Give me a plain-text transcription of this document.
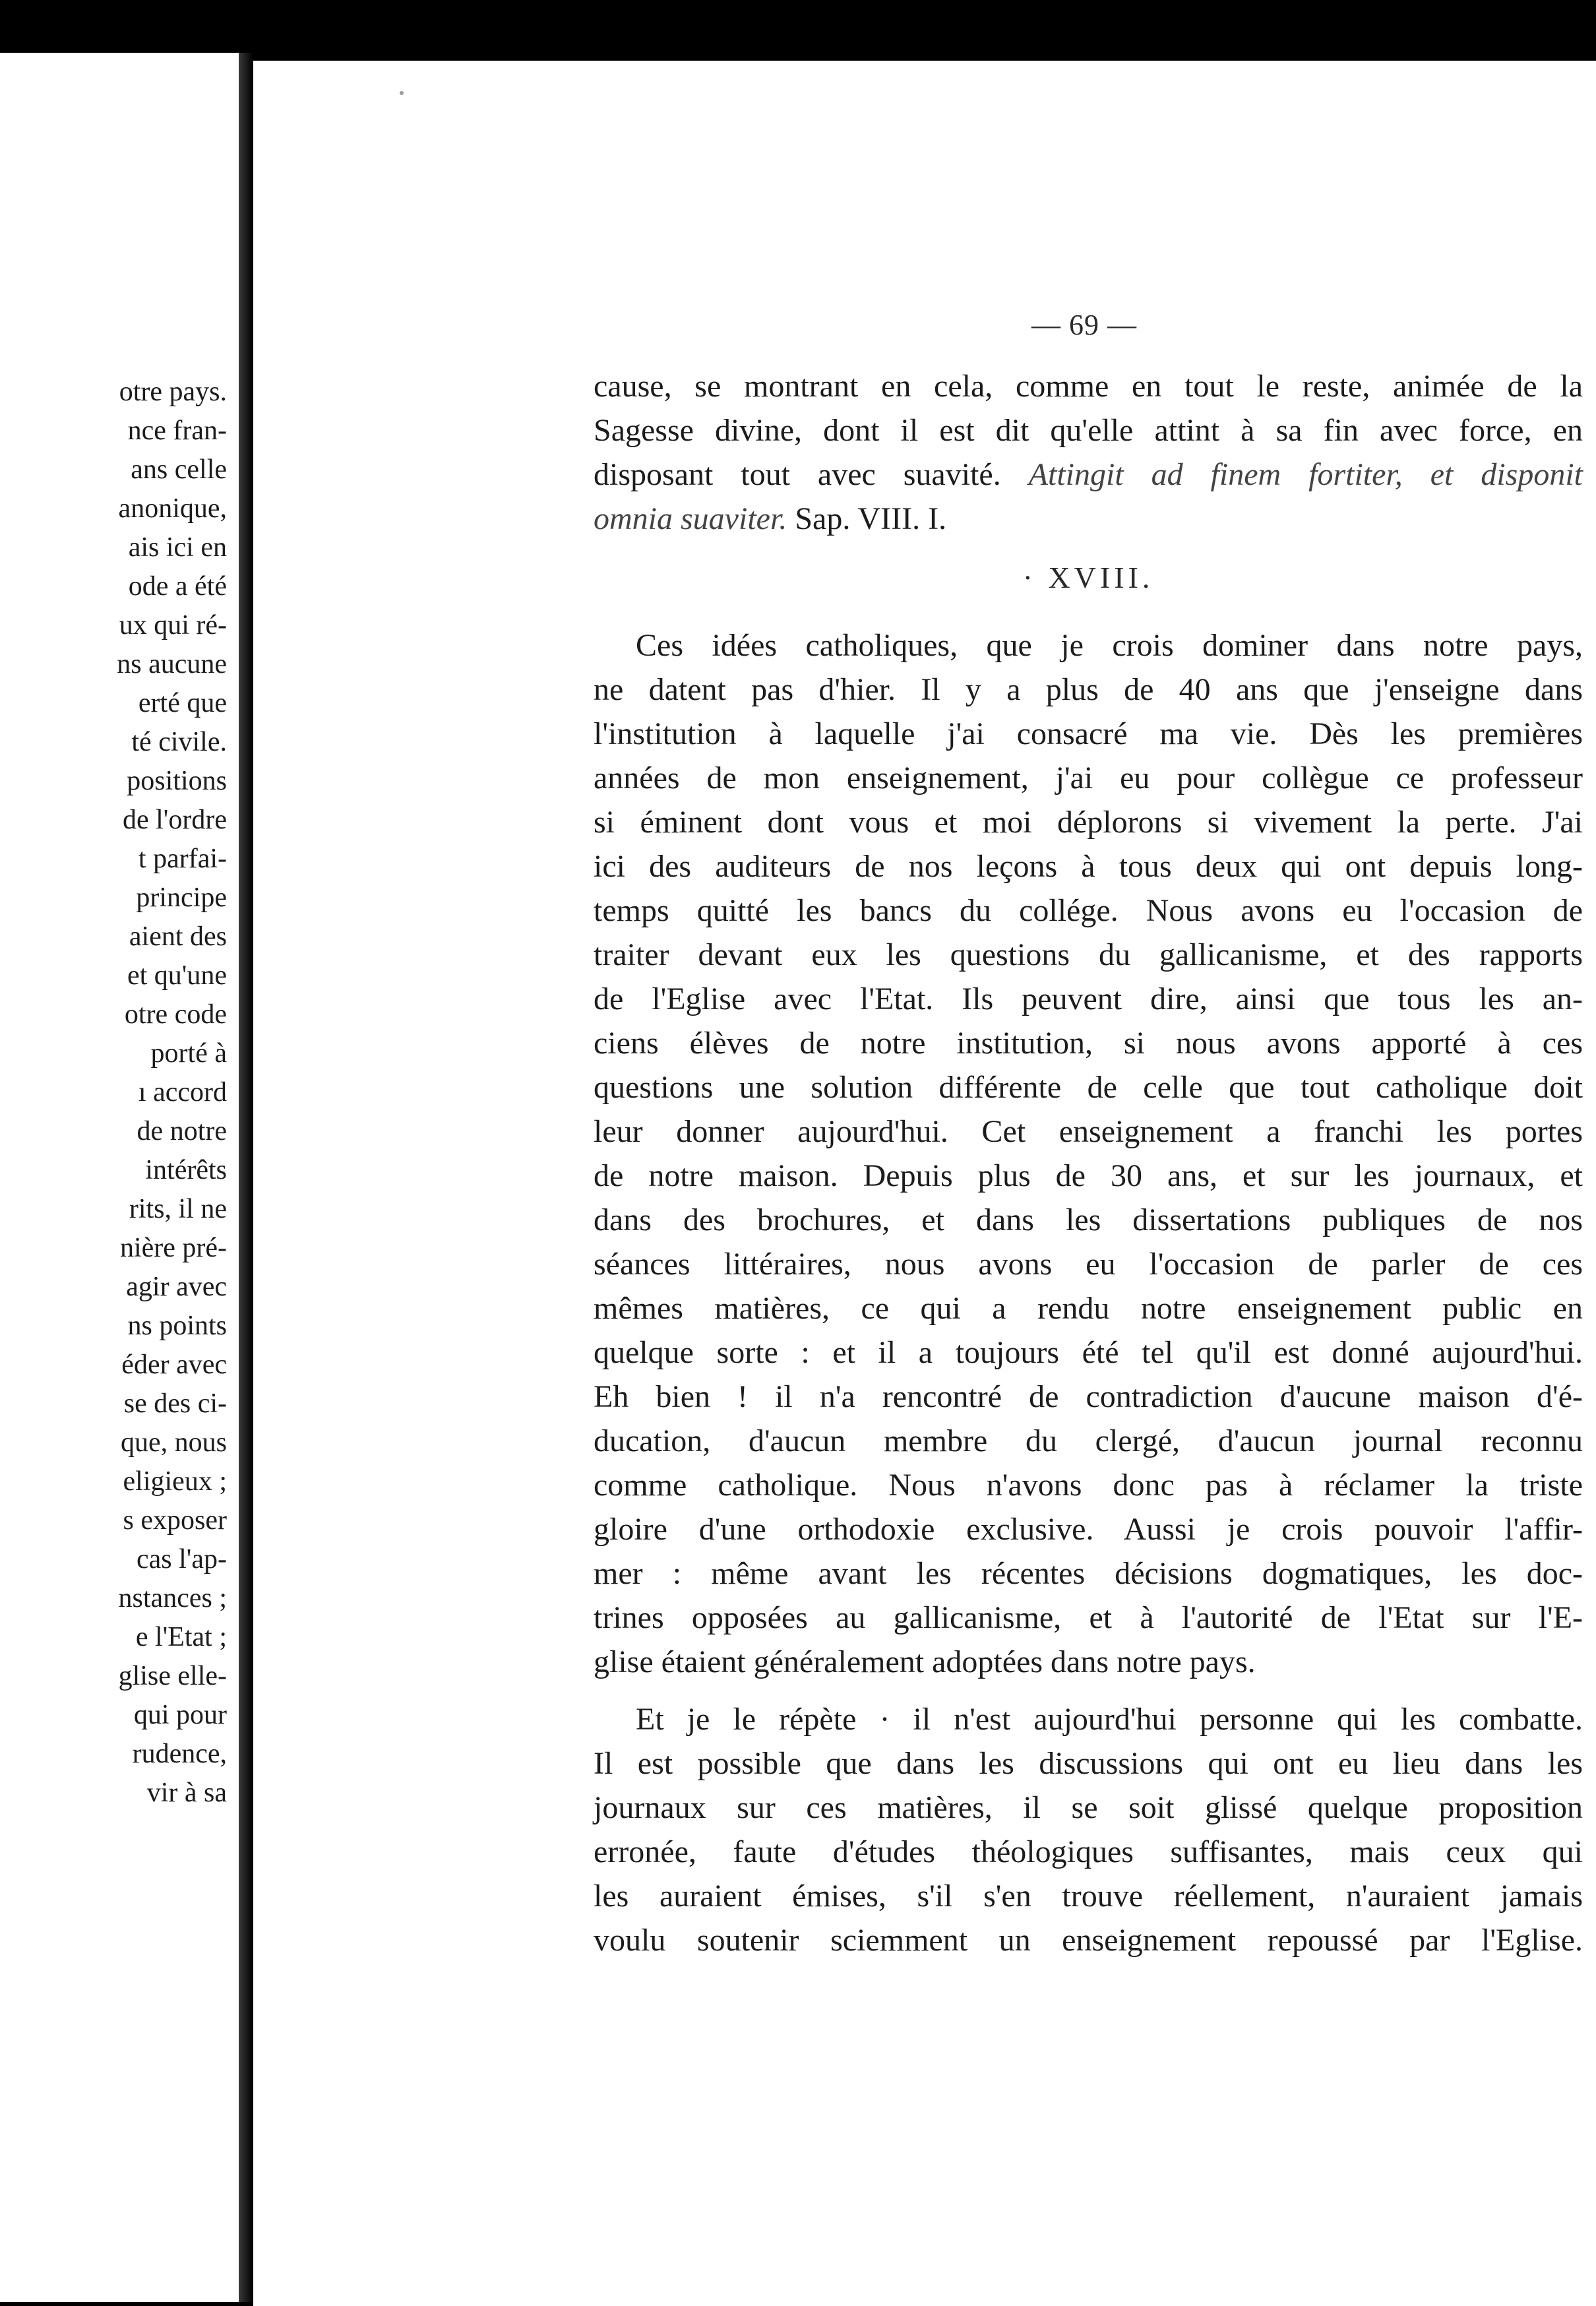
otre pays.
nce fran-
ans celle
anonique,
ais ici en
ode a été
ux qui ré-
ns aucune
erté que
té civile.
positions
de l'ordre
t parfai-
principe
aient des
et qu'une
otre code
porté à
ı accord
de notre
intérêts
rits, il ne
nière pré-
agir avec
ns points
éder avec
se des ci-
que, nous
eligieux ;
s exposer
cas l'ap-
nstances ;
e l'Etat ;
glise elle-
qui pour
rudence,
vir à sa
— 69 —
cause, se montrant en cela, comme en tout le reste, animée de la
Sagesse divine, dont il est dit qu'elle attint à sa fin avec force, en
disposant tout avec suavité. Attingit ad finem fortiter, et disponit
omnia suaviter. Sap. VIII. I.
· XVIII.
Ces idées catholiques, que je crois dominer dans notre pays,
ne datent pas d'hier. Il y a plus de 40 ans que j'enseigne dans
l'institution à laquelle j'ai consacré ma vie. Dès les premières
années de mon enseignement, j'ai eu pour collègue ce professeur
si éminent dont vous et moi déplorons si vivement la perte. J'ai
ici des auditeurs de nos leçons à tous deux qui ont depuis long-
temps quitté les bancs du collége. Nous avons eu l'occasion de
traiter devant eux les questions du gallicanisme, et des rapports
de l'Eglise avec l'Etat. Ils peuvent dire, ainsi que tous les an-
ciens élèves de notre institution, si nous avons apporté à ces
questions une solution différente de celle que tout catholique doit
leur donner aujourd'hui. Cet enseignement a franchi les portes
de notre maison. Depuis plus de 30 ans, et sur les journaux, et
dans des brochures, et dans les dissertations publiques de nos
séances littéraires, nous avons eu l'occasion de parler de ces
mêmes matières, ce qui a rendu notre enseignement public en
quelque sorte : et il a toujours été tel qu'il est donné aujourd'hui.
Eh bien ! il n'a rencontré de contradiction d'aucune maison d'é-
ducation, d'aucun membre du clergé, d'aucun journal reconnu
comme catholique. Nous n'avons donc pas à réclamer la triste
gloire d'une orthodoxie exclusive. Aussi je crois pouvoir l'affir-
mer : même avant les récentes décisions dogmatiques, les doc-
trines opposées au gallicanisme, et à l'autorité de l'Etat sur l'E-
glise étaient généralement adoptées dans notre pays.
Et je le répète · il n'est aujourd'hui personne qui les combatte.
Il est possible que dans les discussions qui ont eu lieu dans les
journaux sur ces matières, il se soit glissé quelque proposition
erronée, faute d'études théologiques suffisantes, mais ceux qui
les auraient émises, s'il s'en trouve réellement, n'auraient jamais
voulu soutenir sciemment un enseignement repoussé par l'Eglise.
